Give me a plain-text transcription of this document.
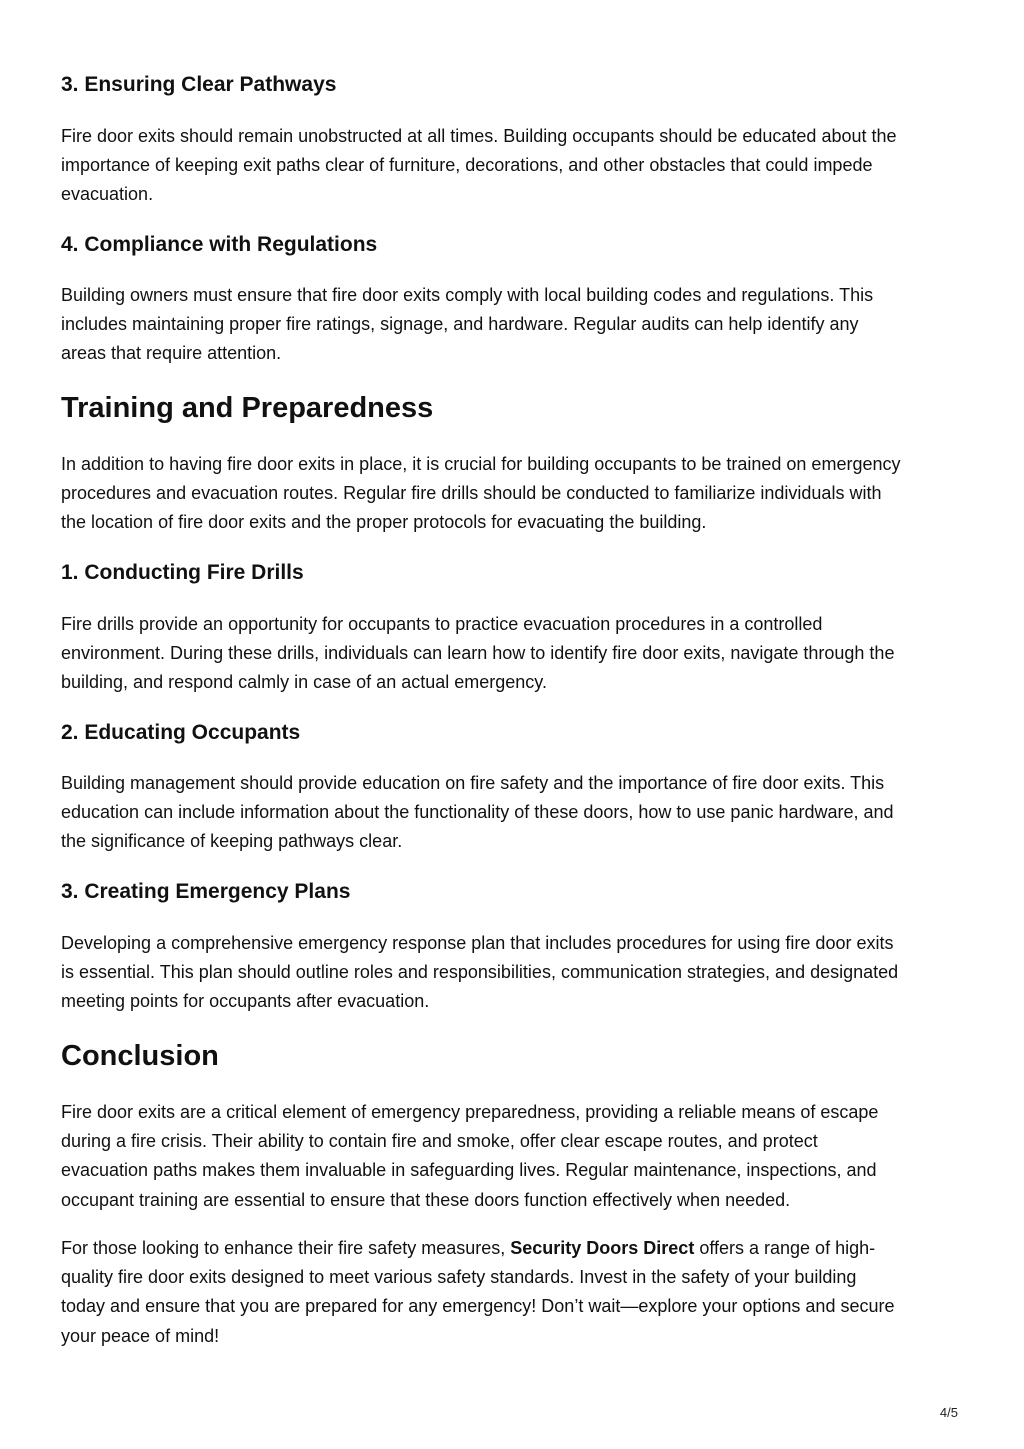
3. Ensuring Clear Pathways
Fire door exits should remain unobstructed at all times. Building occupants should be educated about the
importance of keeping exit paths clear of furniture, decorations, and other obstacles that could impede
evacuation.
4. Compliance with Regulations
Building owners must ensure that fire door exits comply with local building codes and regulations. This
includes maintaining proper fire ratings, signage, and hardware. Regular audits can help identify any
areas that require attention.
Training and Preparedness
In addition to having fire door exits in place, it is crucial for building occupants to be trained on emergency
procedures and evacuation routes. Regular fire drills should be conducted to familiarize individuals with
the location of fire door exits and the proper protocols for evacuating the building.
1. Conducting Fire Drills
Fire drills provide an opportunity for occupants to practice evacuation procedures in a controlled
environment. During these drills, individuals can learn how to identify fire door exits, navigate through the
building, and respond calmly in case of an actual emergency.
2. Educating Occupants
Building management should provide education on fire safety and the importance of fire door exits. This
education can include information about the functionality of these doors, how to use panic hardware, and
the significance of keeping pathways clear.
3. Creating Emergency Plans
Developing a comprehensive emergency response plan that includes procedures for using fire door exits
is essential. This plan should outline roles and responsibilities, communication strategies, and designated
meeting points for occupants after evacuation.
Conclusion
Fire door exits are a critical element of emergency preparedness, providing a reliable means of escape
during a fire crisis. Their ability to contain fire and smoke, offer clear escape routes, and protect
evacuation paths makes them invaluable in safeguarding lives. Regular maintenance, inspections, and
occupant training are essential to ensure that these doors function effectively when needed.
For those looking to enhance their fire safety measures, Security Doors Direct offers a range of high-
quality fire door exits designed to meet various safety standards. Invest in the safety of your building
today and ensure that you are prepared for any emergency! Don’t wait—explore your options and secure
your peace of mind!
4/5
